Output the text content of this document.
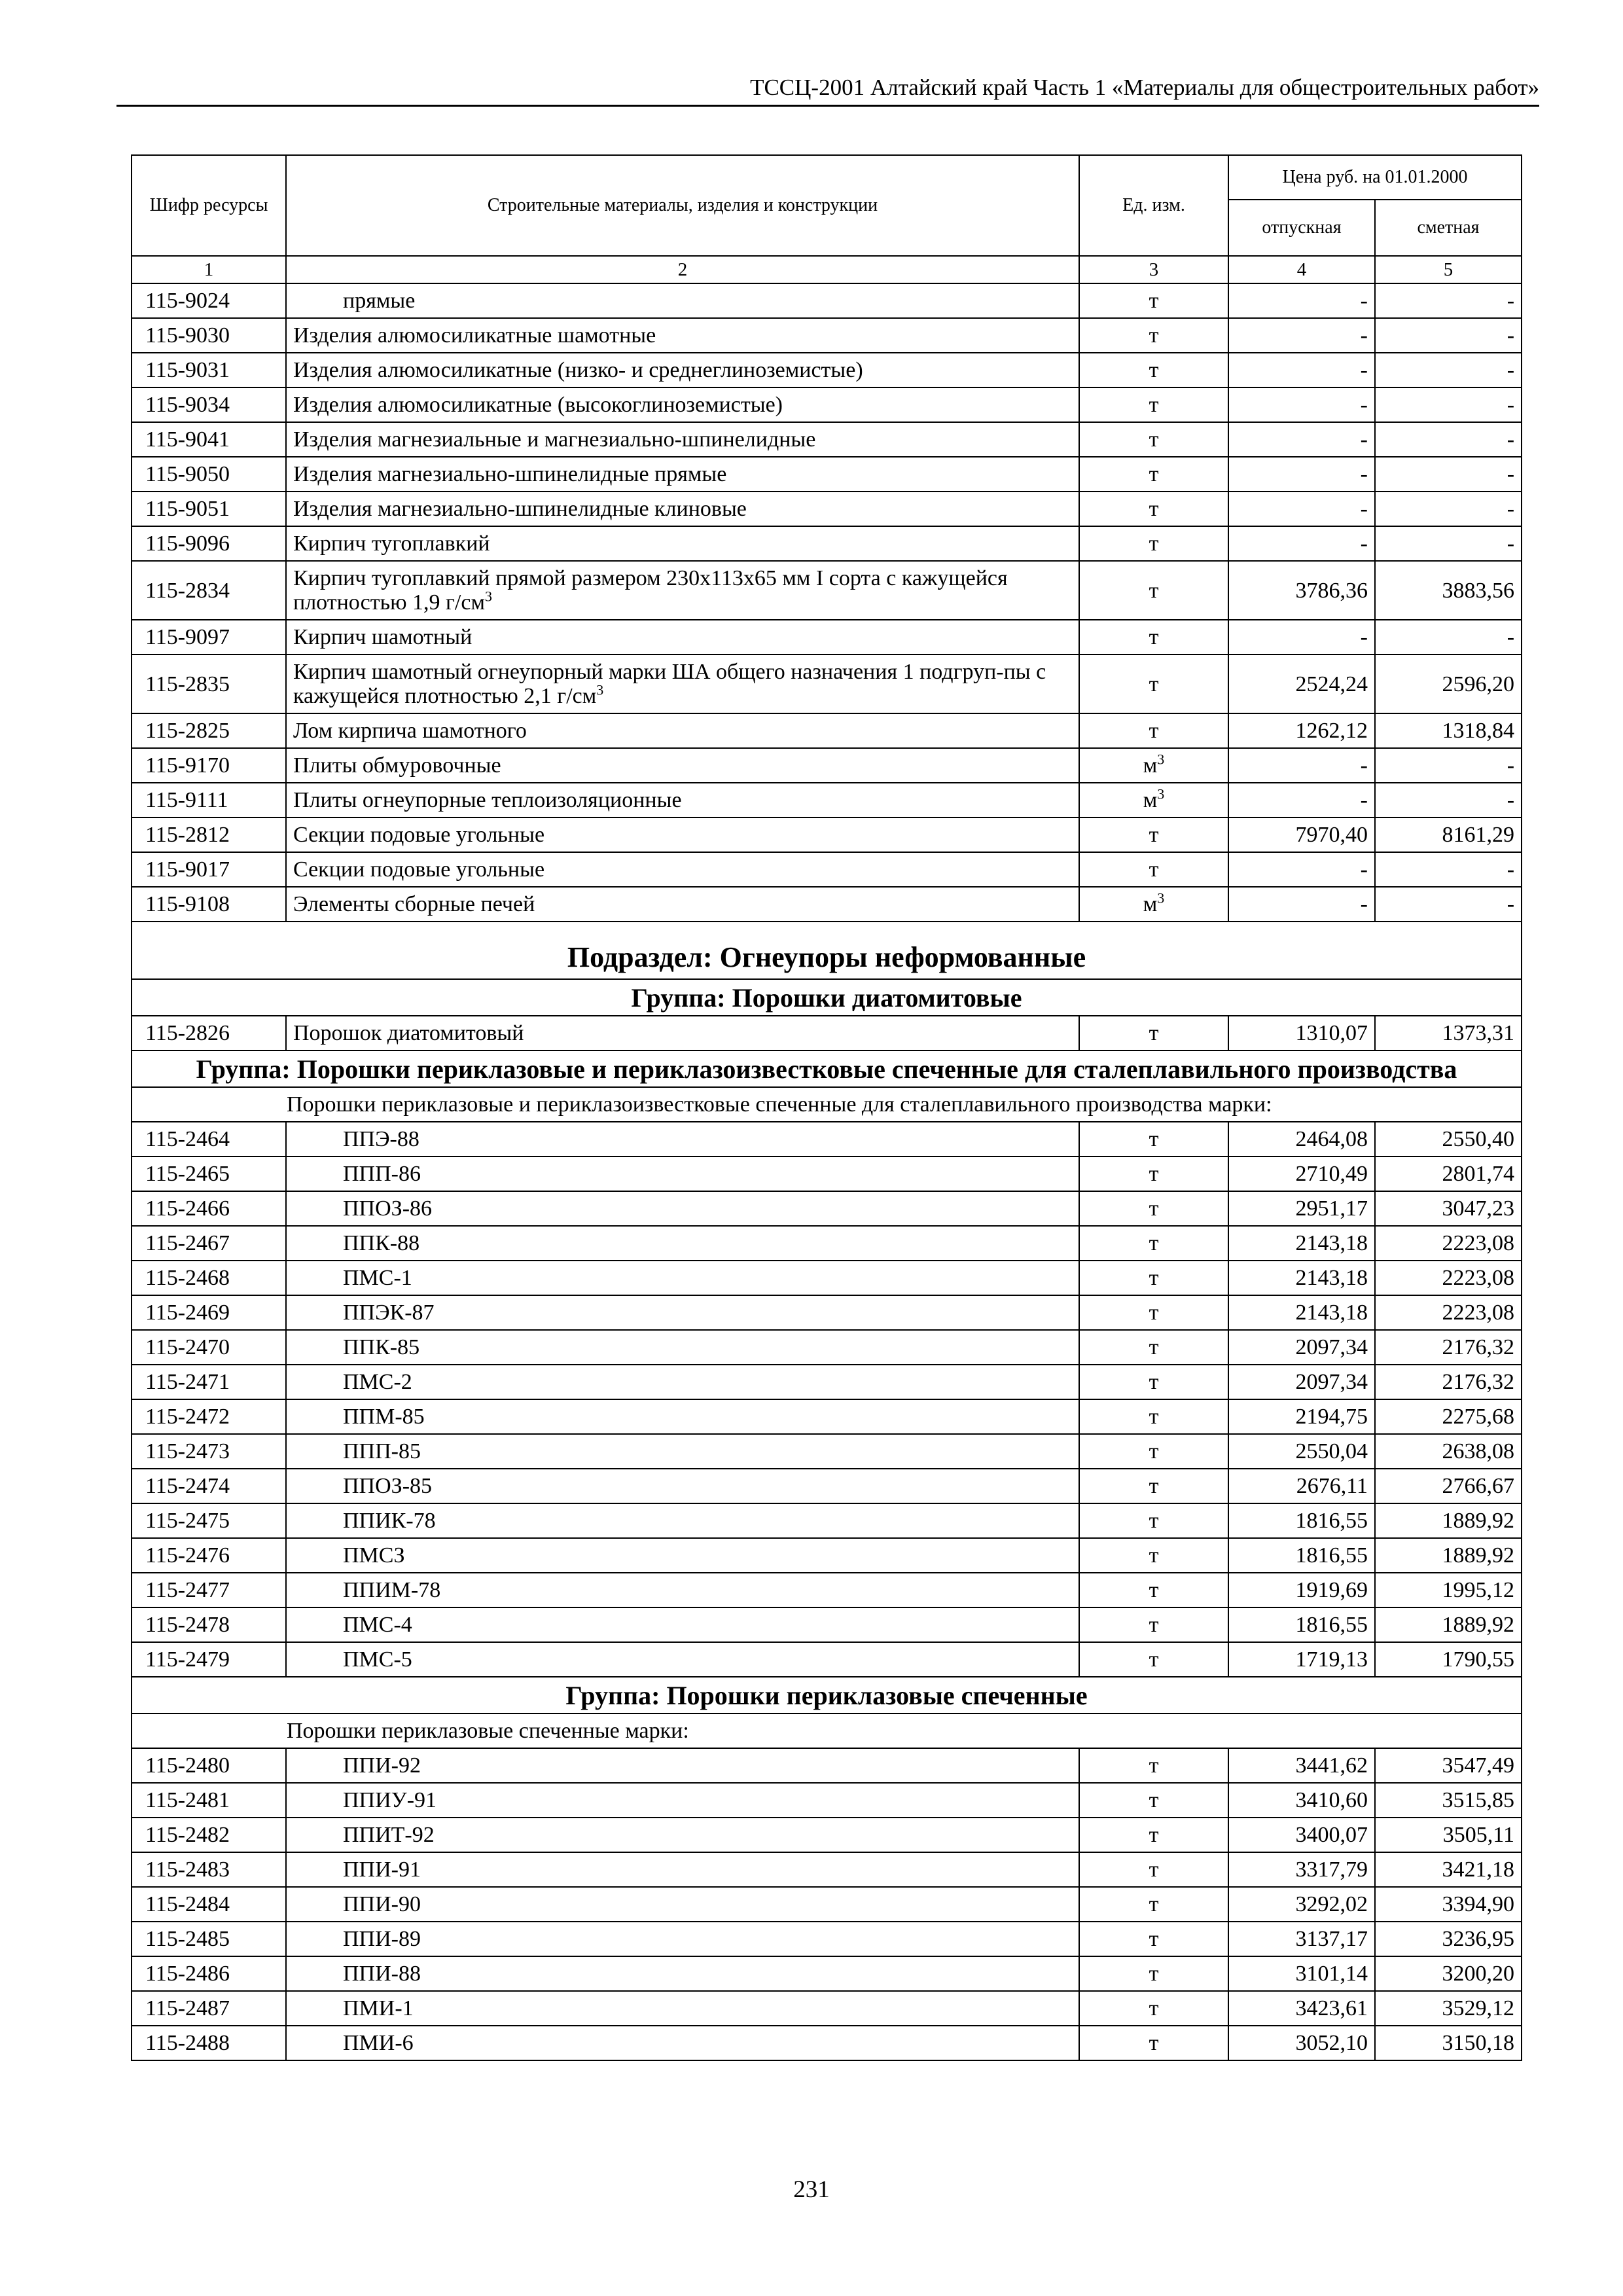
ТССЦ-2001 Алтайский край Часть 1 «Материалы для общестроительных работ»
Шифр ресурсы	Строительные материалы, изделия и конструкции	Ед. изм.	Цена руб. на 01.01.2000	
			отпускная	сметная
1	2	3	4	5
115-9024	прямые	т	-	-
115-9030	Изделия алюмосиликатные шамотные	т	-	-
115-9031	Изделия алюмосиликатные (низко- и среднеглиноземистые)	т	-	-
115-9034	Изделия алюмосиликатные (высокоглиноземистые)	т	-	-
115-9041	Изделия магнезиальные и магнезиально-шпинелидные	т	-	-
115-9050	Изделия магнезиально-шпинелидные прямые	т	-	-
115-9051	Изделия магнезиально-шпинелидные клиновые	т	-	-
115-9096	Кирпич тугоплавкий	т	-	-
115-2834	Кирпич тугоплавкий прямой размером 230х113х65 мм I сорта с кажущейся плотностью 1,9 $г/см^3$	т	3786,36	3883,56
115-9097	Кирпич шамотный	т	-	-
115-2835	Кирпич шамотный огнеупорный марки ША общего назначения 1 подгруп-пы с кажущейся плотностью 2,1 $г/см^3$	т	2524,24	2596,20
115-2825	Лом кирпича шамотного	т	1262,12	1318,84
115-9170	Плиты обмуровочные	$м^3$	-	-
115-9111	Плиты огнеупорные теплоизоляционные	$м^3$	-	-
115-2812	Секции подовые угольные	т	7970,40	8161,29
115-9017	Секции подовые угольные	т	-	-
115-9108	Элементы сборные печей	$м^3$	-	-
Подраздел: Огнеупоры неформованные				
Группа: Порошки диатомитовые				
115-2826	Порошок диатомитовый	т	1310,07	1373,31
Группа: Порошки периклазовые и периклазоизвестковые спеченные для сталеплавильного производства				
Порошки периклазовые и периклазоизвестковые спеченные для сталеплавильного производства марки:				
115-2464	ППЭ-88	т	2464,08	2550,40
115-2465	ППП-86	т	2710,49	2801,74
115-2466	ППОЗ-86	т	2951,17	3047,23
115-2467	ППК-88	т	2143,18	2223,08
115-2468	ПМС-1	т	2143,18	2223,08
115-2469	ППЭК-87	т	2143,18	2223,08
115-2470	ППК-85	т	2097,34	2176,32
115-2471	ПМС-2	т	2097,34	2176,32
115-2472	ППМ-85	т	2194,75	2275,68
115-2473	ППП-85	т	2550,04	2638,08
115-2474	ППОЗ-85	т	2676,11	2766,67
115-2475	ППИК-78	т	1816,55	1889,92
115-2476	ПМСЗ	т	1816,55	1889,92
115-2477	ППИМ-78	т	1919,69	1995,12
115-2478	ПМС-4	т	1816,55	1889,92
115-2479	ПМС-5	т	1719,13	1790,55
Группа: Порошки периклазовые спеченные				
Порошки периклазовые спеченные марки:				
115-2480	ППИ-92	т	3441,62	3547,49
115-2481	ППИУ-91	т	3410,60	3515,85
115-2482	ППИТ-92	т	3400,07	3505,11
115-2483	ППИ-91	т	3317,79	3421,18
115-2484	ППИ-90	т	3292,02	3394,90
115-2485	ППИ-89	т	3137,17	3236,95
115-2486	ППИ-88	т	3101,14	3200,20
115-2487	ПМИ-1	т	3423,61	3529,12
115-2488	ПМИ-6	т	3052,10	3150,18
231
